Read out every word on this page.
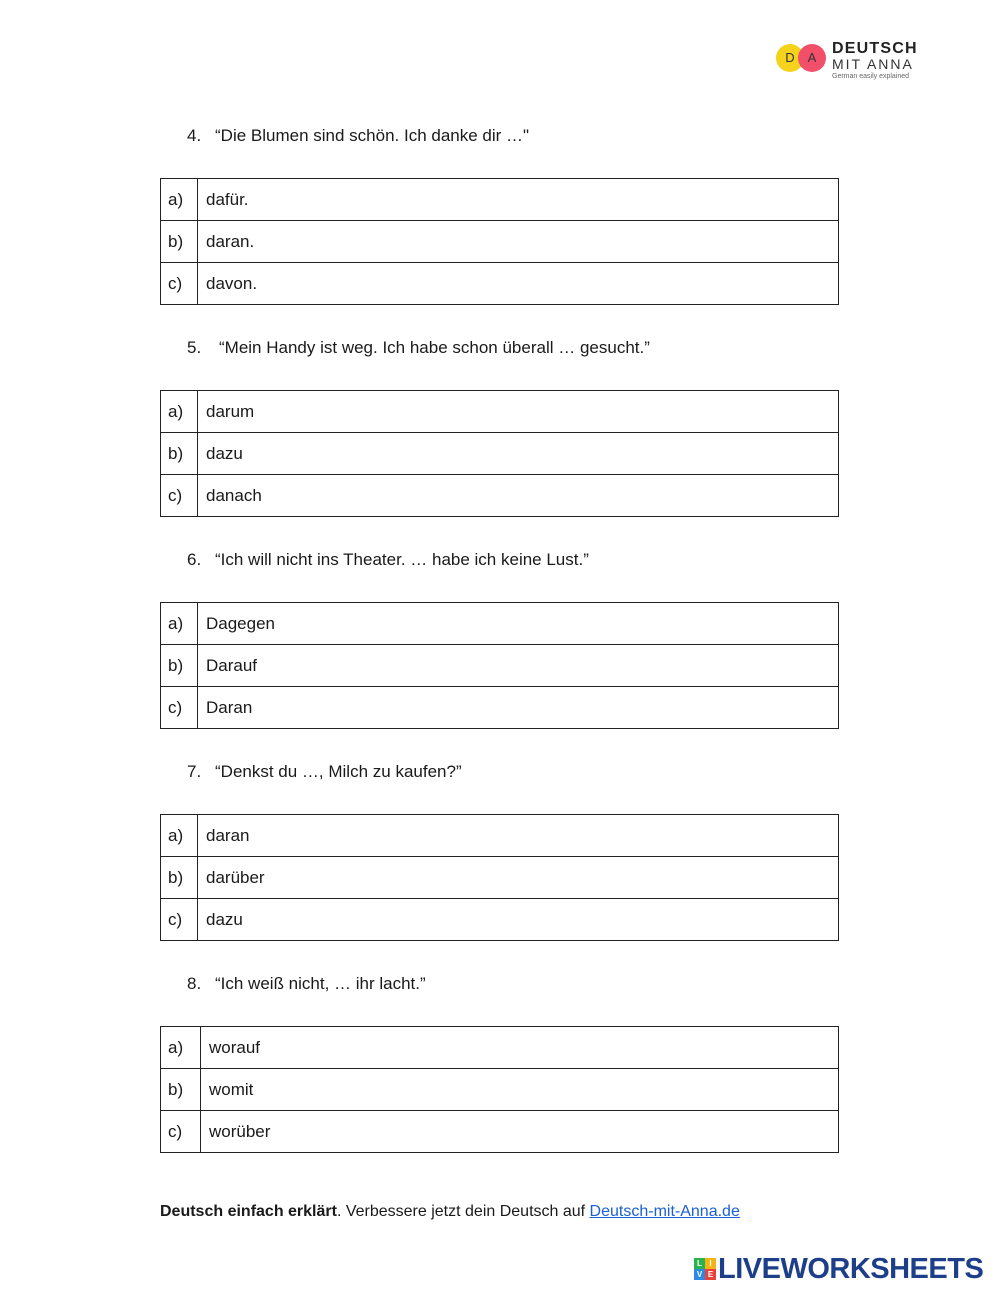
D A
DEUTSCH
MIT ANNA
German easily explained
4. “Die Blumen sind schön. Ich danke dir …"
a)	dafür.
b)	daran.
c)	davon.
5. “Mein Handy ist weg. Ich habe schon überall … gesucht.”
a)	darum
b)	dazu
c)	danach
6. “Ich will nicht ins Theater. … habe ich keine Lust.”
a)	Dagegen
b)	Darauf
c)	Daran
7. “Denkst du …, Milch zu kaufen?”
a)	daran
b)	darüber
c)	dazu
8. “Ich weiß nicht, … ihr lacht.”
a)	worauf
b)	womit
c)	worüber
Deutsch einfach erklärt. Verbessere jetzt dein Deutsch auf Deutsch-mit-Anna.de
L I
V E LIVEWORKSHEETS
